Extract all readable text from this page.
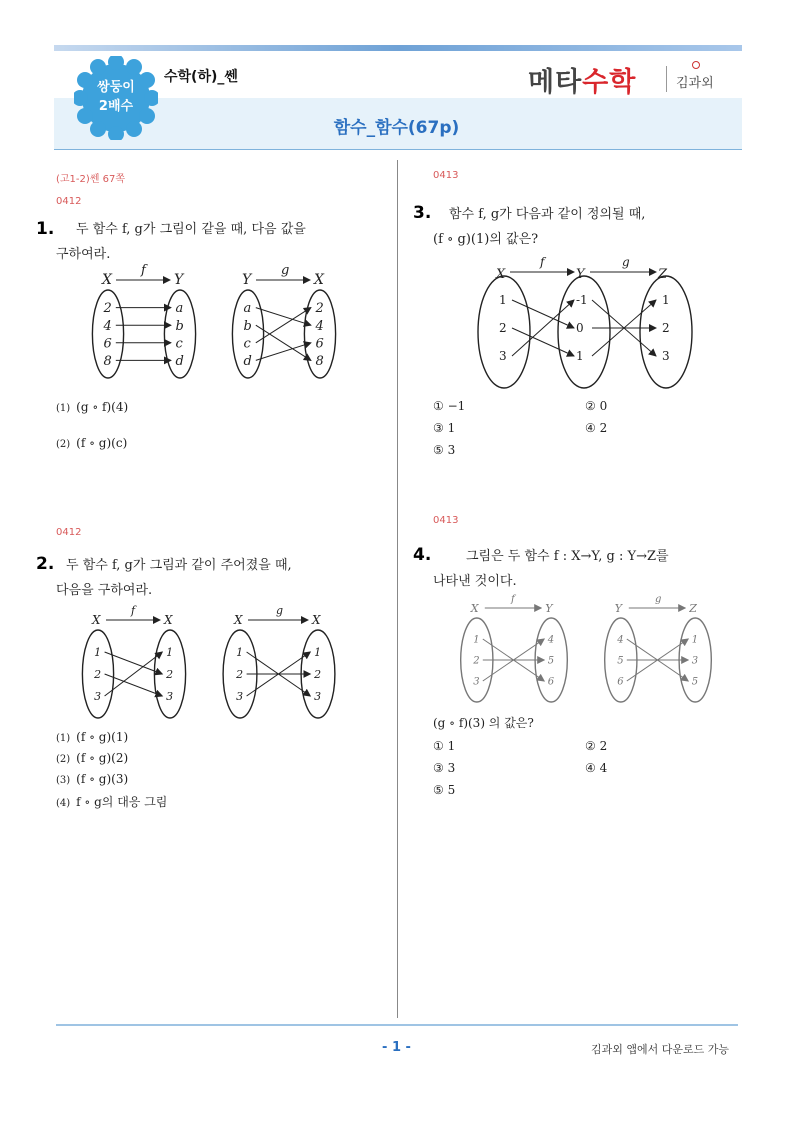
쌍둥이
2배수
수학(하)_쎈	메타수학	김과외
함수_함수(67p)
(고1-2)쎈 67쪽
0412
1. 두 함수 f, g가 그림이 같을 때, 다음 값을
구하여라.
X	Y
f
2
4
6
8
a
b
c
d
Y	X
g
a
b
c
d
2
4
6
8
(1) (g ∘ f)(4)
(2) (f ∘ g)(c)
0412
2. 두 함수 f, g가 그림과 같이 주어졌을 때,
다음을 구하여라.
X	X
f
1
2
3
1
2
3
X	X
g
1
2
3
1
2
3
(1) (f ∘ g)(1)
(2) (f ∘ g)(2)
(3) (f ∘ g)(3)
(4) f ∘ g의 대응 그림
0413
3. 함수 f, g가 다음과 같이 정의될 때,
(f ∘ g)(1)의 값은?
X	Y	Z
f	g
1
2
3
-1
0
1
1
2
3
① −1	② 0
③ 1	④ 2
⑤ 3
0413
4.	그림은 두 함수 f : X→Y, g : Y→Z를
나타낸 것이다.
X	Y
f
1
2
3
4
5
6
Y	Z
g
4
5
6
1
3
5
(g ∘ f)(3) 의 값은?
① 1	② 2
③ 3	④ 4
⑤ 5
- 1 -	김과외 앱에서 다운로드 가능
